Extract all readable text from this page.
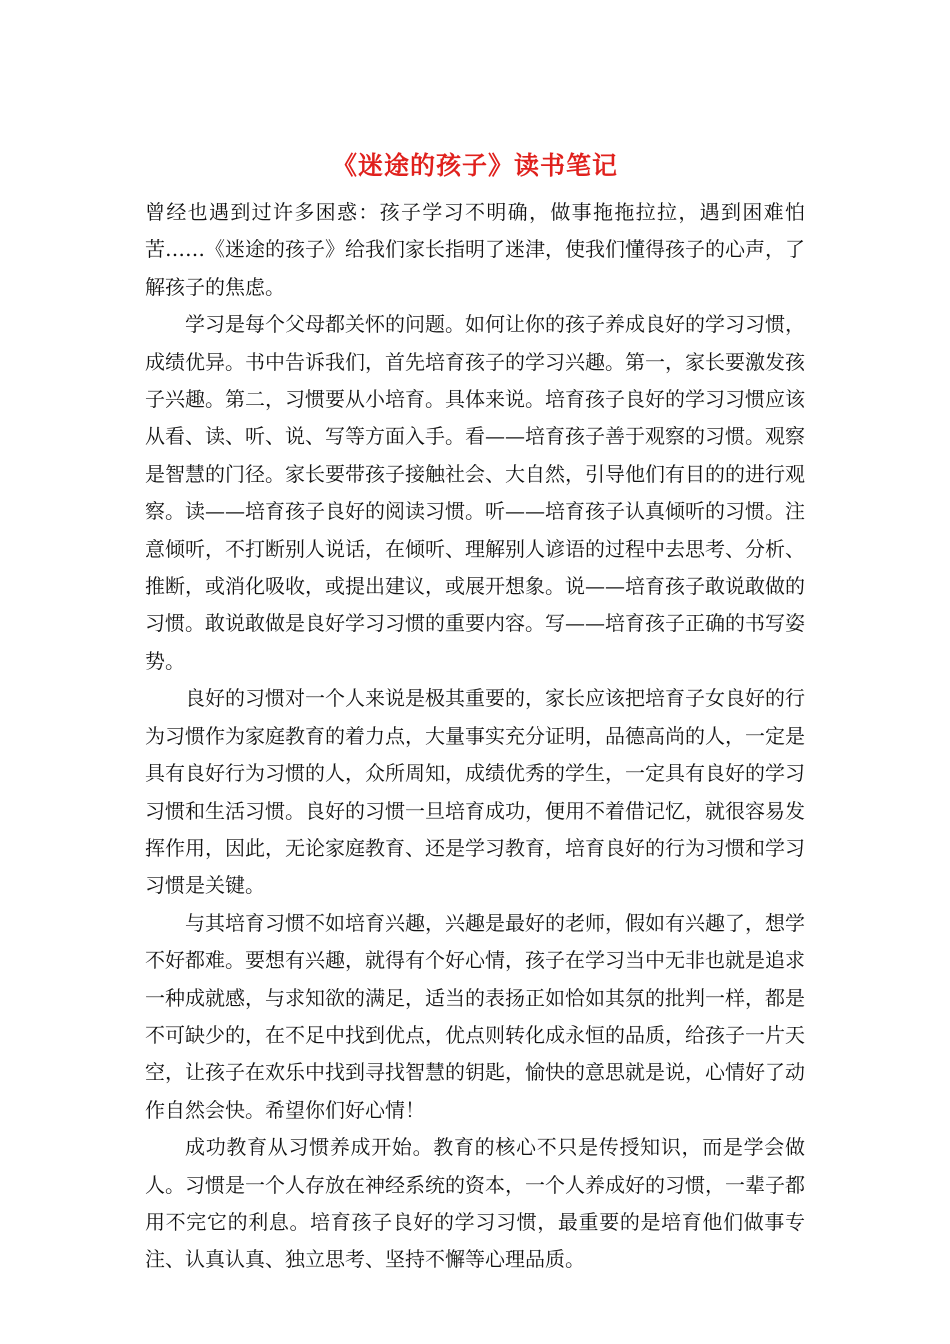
《迷途的孩子》读书笔记

曾经也遇到过许多困惑：孩子学习不明确，做事拖拖拉拉，遇到困难怕苦……《迷途的孩子》给我们家长指明了迷津，使我们懂得孩子的心声，了解孩子的焦虑。

学习是每个父母都关怀的问题。如何让你的孩子养成良好的学习习惯，成绩优异。书中告诉我们，首先培育孩子的学习兴趣。第一，家长要激发孩子兴趣。第二，习惯要从小培育。具体来说。培育孩子良好的学习习惯应该从看、读、听、说、写等方面入手。看——培育孩子善于观察的习惯。观察是智慧的门径。家长要带孩子接触社会、大自然，引导他们有目的的进行观察。读——培育孩子良好的阅读习惯。听——培育孩子认真倾听的习惯。注意倾听，不打断别人说话，在倾听、理解别人谚语的过程中去思考、分析、推断，或消化吸收，或提出建议，或展开想象。说——培育孩子敢说敢做的习惯。敢说敢做是良好学习习惯的重要内容。写——培育孩子正确的书写姿势。

良好的习惯对一个人来说是极其重要的，家长应该把培育子女良好的行为习惯作为家庭教育的着力点，大量事实充分证明，品德高尚的人，一定是具有良好行为习惯的人，众所周知，成绩优秀的学生，一定具有良好的学习习惯和生活习惯。良好的习惯一旦培育成功，便用不着借记忆，就很容易发挥作用，因此，无论家庭教育、还是学习教育，培育良好的行为习惯和学习习惯是关键。

与其培育习惯不如培育兴趣，兴趣是最好的老师，假如有兴趣了，想学不好都难。要想有兴趣，就得有个好心情，孩子在学习当中无非也就是追求一种成就感，与求知欲的满足，适当的表扬正如恰如其氛的批判一样，都是不可缺少的，在不足中找到优点，优点则转化成永恒的品质，给孩子一片天空，让孩子在欢乐中找到寻找智慧的钥匙，愉快的意思就是说，心情好了动作自然会快。希望你们好心情！

成功教育从习惯养成开始。教育的核心不只是传授知识，而是学会做人。习惯是一个人存放在神经系统的资本，一个人养成好的习惯，一辈子都用不完它的利息。培育孩子良好的学习习惯，最重要的是培育他们做事专注、认真认真、独立思考、坚持不懈等心理品质。
